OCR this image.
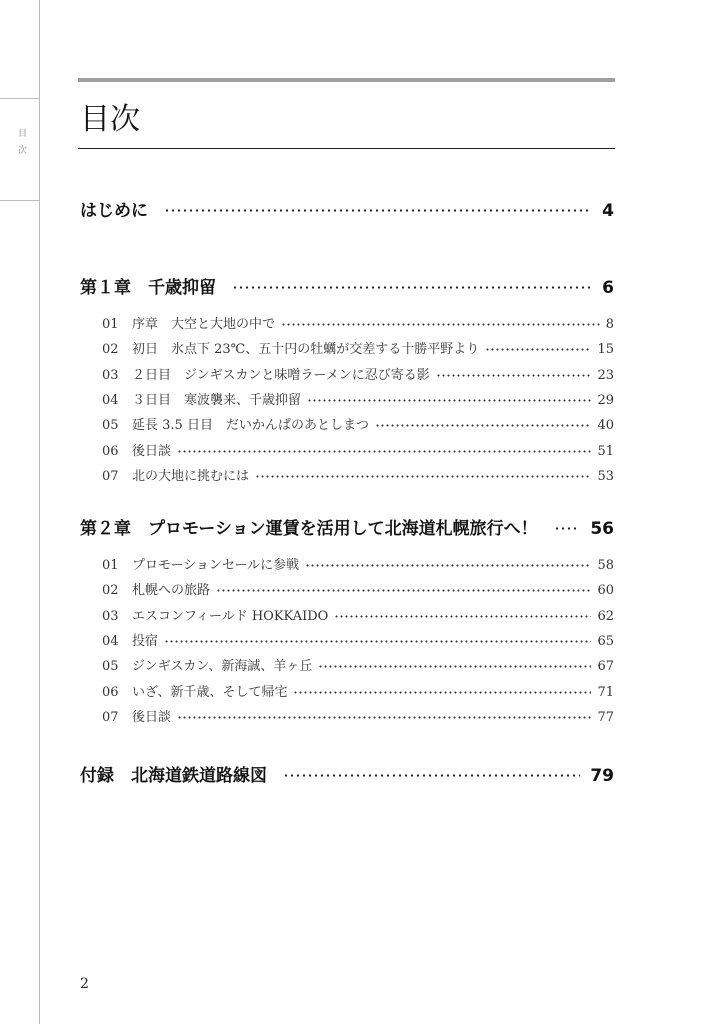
目次
目次
はじめに	4
第１章　千歳抑留	6
01	序章　大空と大地の中で	8
02	初日　氷点下 23℃、五十円の牡蠣が交差する十勝平野より	15
03	２日目　ジンギスカンと味噌ラーメンに忍び寄る影	23
04	３日目　寒波襲来、千歳抑留	29
05	延長 3.5 日目　だいかんぱのあとしまつ	40
06	後日談	51
07	北の大地に挑むには	53
第２章　プロモーション運賃を活用して北海道札幌旅行へ！	56
01	プロモーションセールに参戦	58
02	札幌への旅路	60
03	エスコンフィールド HOKKAIDO	62
04	投宿	65
05	ジンギスカン、新海誠、羊ヶ丘	67
06	いざ、新千歳、そして帰宅	71
07	後日談	77
付録　北海道鉄道路線図	79
2
